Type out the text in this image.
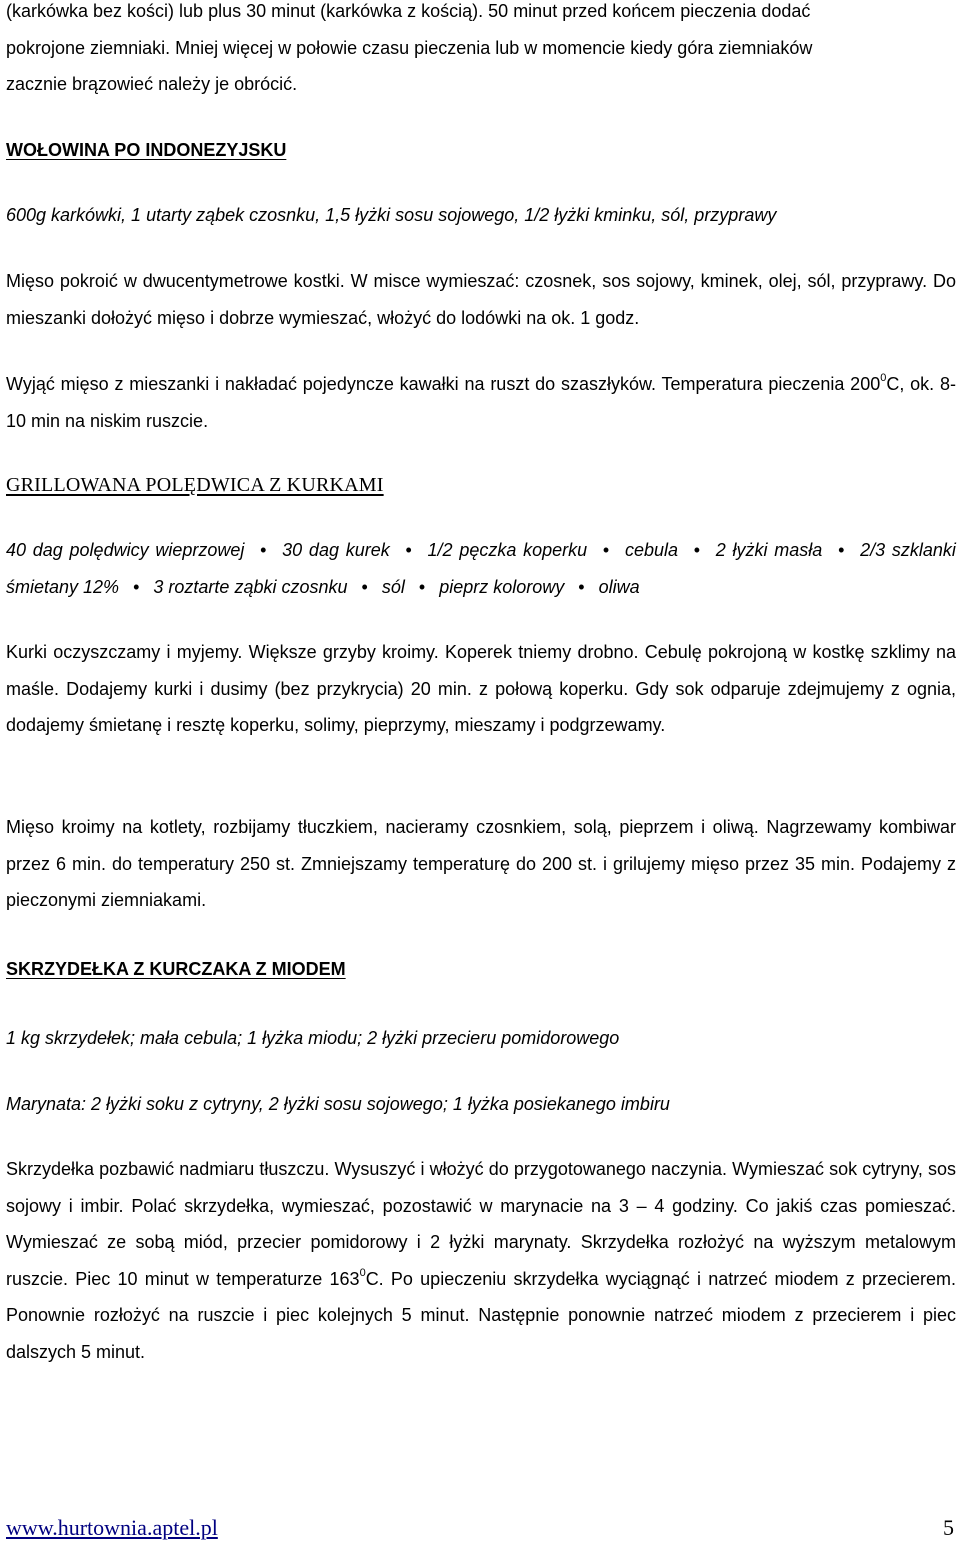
(karkówka bez kości) lub plus 30 minut (karkówka z kością). 50 minut przed końcem pieczenia dodać

pokrojone ziemniaki. Mniej więcej w połowie czasu pieczenia lub w momencie kiedy góra ziemniaków

zacznie brązowieć należy je obrócić.

WOŁOWINA PO INDONEZYJSKU

600g karkówki, 1 utarty ząbek czosnku, 1,5 łyżki sosu sojowego, 1/2 łyżki kminku, sól, przyprawy

Mięso pokroić w dwucentymetrowe kostki. W misce wymieszać: czosnek, sos sojowy, kminek, olej, sól, przyprawy. Do mieszanki dołożyć mięso i dobrze wymieszać, włożyć do lodówki na ok. 1 godz.

Wyjąć mięso z mieszanki i nakładać pojedyncze kawałki na ruszt do szaszłyków. Temperatura pieczenia $200^0C$, ok. 8-10 min na niskim ruszcie.

GRILLOWANA POLĘDWICA Z KURKAMI

40 dag polędwicy wieprzowej • 30 dag kurek • 1/2 pęczka koperku • cebula • 2 łyżki masła • 2/3 szklanki śmietany 12% • 3 roztarte ząbki czosnku • sól • pieprz kolorowy • oliwa

Kurki oczyszczamy i myjemy. Większe grzyby kroimy. Koperek tniemy drobno. Cebulę pokrojoną w kostkę szklimy na maśle. Dodajemy kurki i dusimy (bez przykrycia) 20 min. z połową koperku. Gdy sok odparuje zdejmujemy z ognia, dodajemy śmietanę i resztę koperku, solimy, pieprzymy, mieszamy i podgrzewamy.

Mięso kroimy na kotlety, rozbijamy tłuczkiem, nacieramy czosnkiem, solą, pieprzem i oliwą. Nagrzewamy kombiwar przez 6 min. do temperatury 250 st. Zmniejszamy temperaturę do 200 st. i grilujemy mięso przez 35 min. Podajemy z pieczonymi ziemniakami.

SKRZYDEŁKA Z KURCZAKA Z MIODEM

1 kg skrzydełek; mała cebula; 1 łyżka miodu; 2 łyżki przecieru pomidorowego

Marynata: 2 łyżki soku z cytryny, 2 łyżki sosu sojowego; 1 łyżka posiekanego imbiru

Skrzydełka pozbawić nadmiaru tłuszczu. Wysuszyć i włożyć do przygotowanego naczynia. Wymieszać sok cytryny, sos sojowy i imbir. Polać skrzydełka, wymieszać, pozostawić w marynacie na 3 – 4 godziny. Co jakiś czas pomieszać. Wymieszać ze sobą miód, przecier pomidorowy i 2 łyżki marynaty. Skrzydełka rozłożyć na wyższym metalowym ruszcie. Piec 10 minut w temperaturze $163^0C$. Po upieczeniu skrzydełka wyciągnąć i natrzeć miodem z przecierem. Ponownie rozłożyć na ruszcie i piec kolejnych 5 minut. Następnie ponownie natrzeć miodem z przecierem i piec dalszych 5 minut.

www.hurtownia.aptel.pl	5
